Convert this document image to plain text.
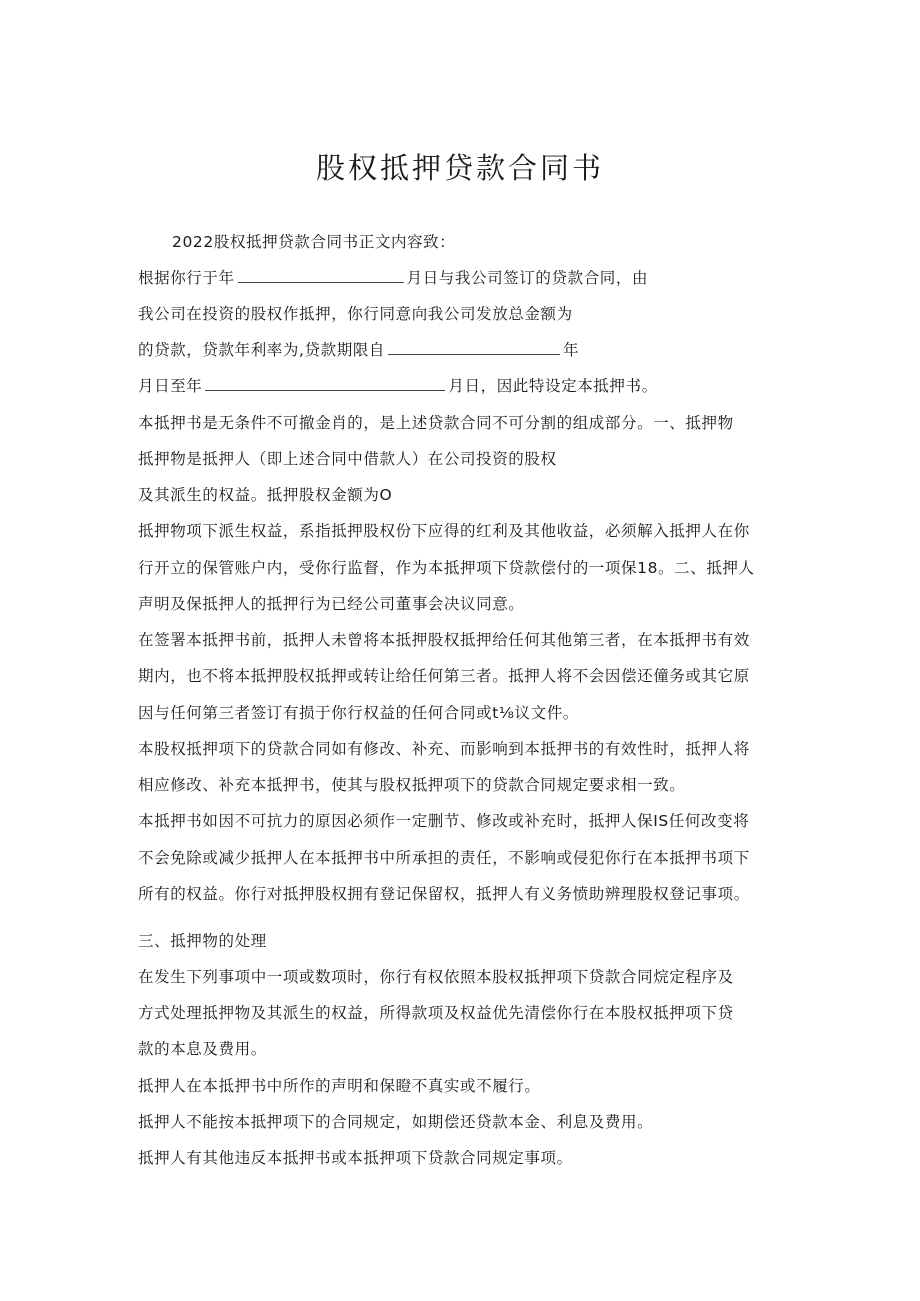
股权抵押贷款合同书
2022股权抵押贷款合同书正文内容致：
根据你行于年	月日与我公司签订的贷款合同，由
我公司在投资的股权作抵押，你行同意向我公司发放总金额为
的贷款，贷款年利率为,贷款期限自	年
月日至年	月日，因此特设定本抵押书。
本抵押书是无条件不可撤金肖的，是上述贷款合同不可分割的组成部分。一、抵押物
抵押物是抵押人（即上述合同中借款人）在公司投资的股权
及其派生的权益。抵押股权金额为O
抵押物项下派生权益，系指抵押股权份下应得的红利及其他收益，必须解入抵押人在你
行开立的保管账户内，受你行监督，作为本抵押项下贷款偿付的一项保18。二、抵押人
声明及保抵押人的抵押行为已经公司董事会决议同意。
在签署本抵押书前，抵押人未曾将本抵押股权抵押给任何其他第三者，在本抵押书有效
期内，也不将本抵押股权抵押或转让给任何第三者。抵押人将不会因偿还僮务或其它原
因与任何第三者签订有损于你行权益的任何合同或t⅛议文件。
本股权抵押项下的贷款合同如有修改、补充、而影响到本抵押书的有效性时，抵押人将
相应修改、补充本抵押书，使其与股权抵押项下的贷款合同规定要求相一致。
本抵押书如因不可抗力的原因必须作一定删节、修改或补充时，抵押人保IS任何改变将
不会免除或减少抵押人在本抵押书中所承担的责任，不影响或侵犯你行在本抵押书项下
所有的权益。你行对抵押股权拥有登记保留权，抵押人有义务愤助辨理股权登记事项。
三、抵押物的处理
在发生下列事项中一项或数项时，你行有权依照本股权抵押项下贷款合同烷定程序及
方式处理抵押物及其派生的权益，所得款项及权益优先清偿你行在本股权抵押项下贷
款的本息及费用。
抵押人在本抵押书中所作的声明和保瞪不真实或不履行。
抵押人不能按本抵押项下的合同规定，如期偿还贷款本金、利息及费用。
抵押人有其他违反本抵押书或本抵押项下贷款合同规定事项。
